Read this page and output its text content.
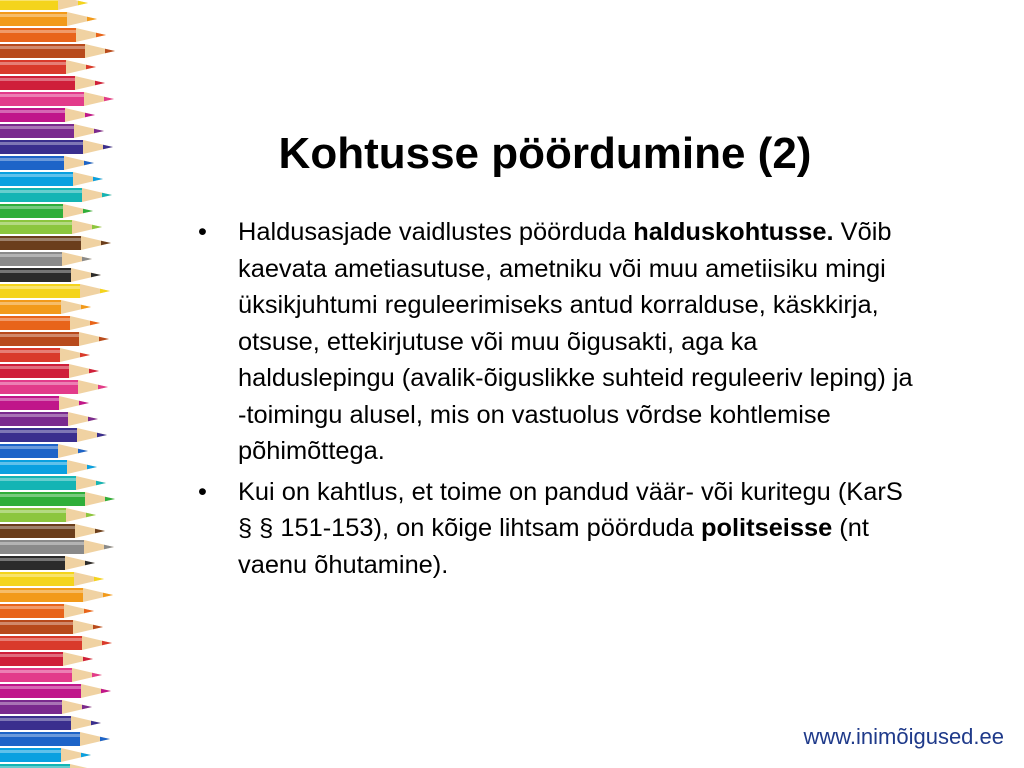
Kohtusse pöördumine (2)
• Haldusasjade vaidlustes pöörduda halduskohtusse. Võib kaevata ametiasutuse, ametniku või muu ametiisiku mingi üksikjuhtumi reguleerimiseks antud korralduse, käskkirja, otsuse, ettekirjutuse või muu õigusakti, aga ka halduslepingu (avalik-õiguslikke suhteid reguleeriv leping) ja -toimingu alusel, mis on vastuolus võrdse kohtlemise põhimõttega.
• Kui on kahtlus, et toime on pandud väär- või kuritegu (KarS § § 151-153), on kõige lihtsam pöörduda politseisse (nt vaenu õhutamine).
www.inimõigused.ee
